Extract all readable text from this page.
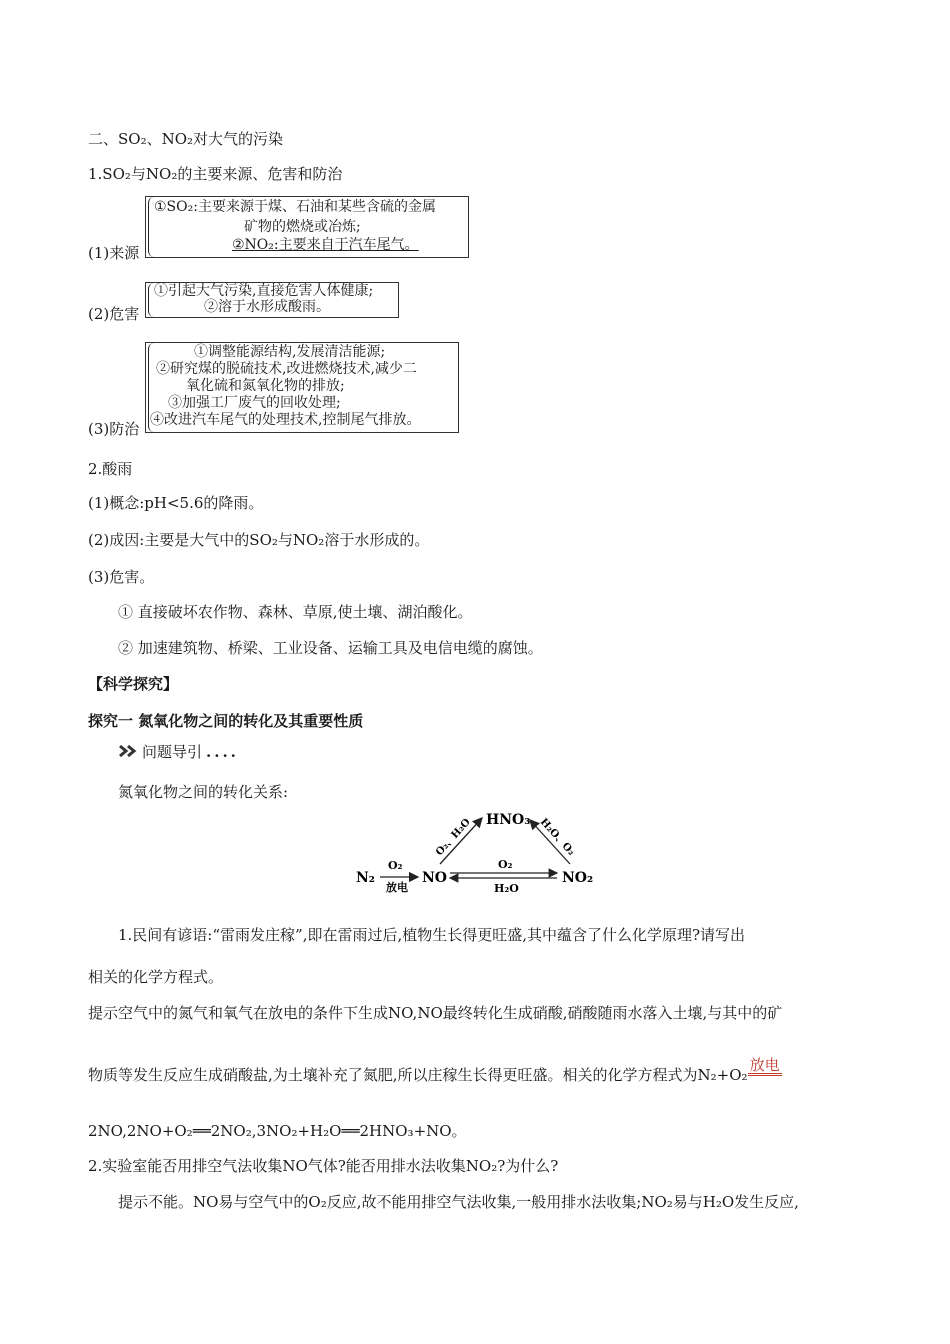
二、SO₂、NO₂对大气的污染
1.SO₂与NO₂的主要来源、危害和防治
(1)来源
①SO₂:主要来源于煤、石油和某些含硫的金属
矿物的燃烧或冶炼;
②NO₂:主要来自于汽车尾气。
(2)危害
①引起大气污染,直接危害人体健康;
②溶于水形成酸雨。
(3)防治
①调整能源结构,发展清洁能源;
②研究煤的脱硫技术,改进燃烧技术,减少二
氧化硫和氮氧化物的排放;
③加强工厂废气的回收处理;
④改进汽车尾气的处理技术,控制尾气排放。
2.酸雨
(1)概念:pH<5.6的降雨。
(2)成因:主要是大气中的SO₂与NO₂溶于水形成的。
(3)危害。
① 直接破坏农作物、森林、草原,使土壤、湖泊酸化。
② 加速建筑物、桥梁、工业设备、运输工具及电信电缆的腐蚀。
【科学探究】
探究一 氮氧化物之间的转化及其重要性质
问题导引 ....
氮氧化物之间的转化关系:
N₂
O₂
放电
NO
O₂
H₂O
NO₂
HNO₃
O₂、H₂O	H₂O、O₂
1.民间有谚语:“雷雨发庄稼”,即在雷雨过后,植物生长得更旺盛,其中蕴含了什么化学原理?请写出
相关的化学方程式。
提示空气中的氮气和氧气在放电的条件下生成NO,NO最终转化生成硝酸,硝酸随雨水落入土壤,与其中的矿
物质等发生反应生成硝酸盐,为土壤补充了氮肥,所以庄稼生长得更旺盛。相关的化学方程式为N₂+O₂
放电
2NO,2NO+O₂══2NO₂,3NO₂+H₂O══2HNO₃+NO。
2.实验室能否用排空气法收集NO气体?能否用排水法收集NO₂?为什么?
提示不能。NO易与空气中的O₂反应,故不能用排空气法收集,一般用排水法收集;NO₂易与H₂O发生反应,
